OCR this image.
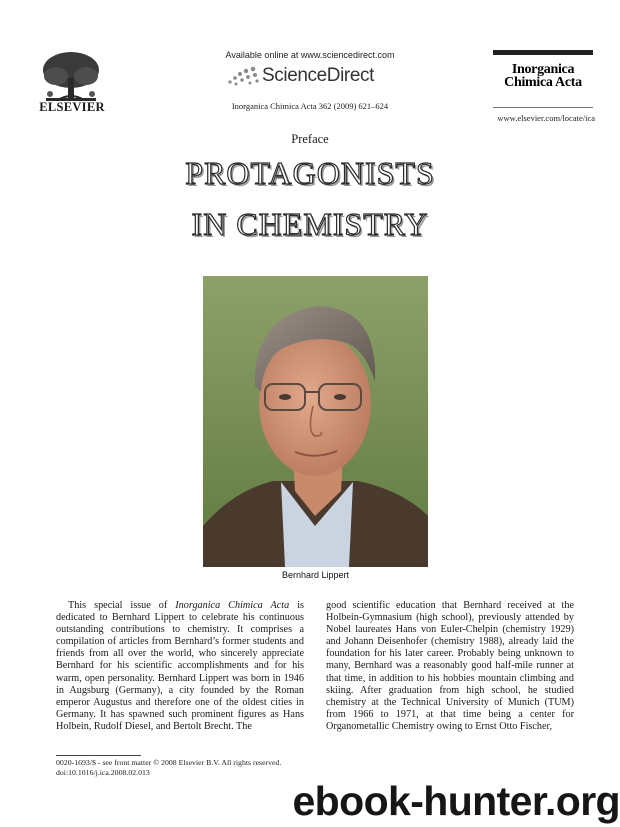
ELSEVIER
Available online at www.sciencedirect.com
ScienceDirect
Inorganica Chimica Acta 362 (2009) 621–624
Inorganica
Chimica Acta
www.elsevier.com/locate/ica
Preface
PROTAGONISTS
IN CHEMISTRY
Bernhard Lippert
This special issue of Inorganica Chimica Acta is dedicated to Bernhard Lippert to celebrate his continuous outstanding contributions to chemistry. It comprises a compilation of articles from Bernhard’s former students and friends from all over the world, who sincerely appreciate Bernhard for his scientific accomplishments and for his warm, open personality. Bernhard Lippert was born in 1946 in Augsburg (Germany), a city founded by the Roman emperor Augustus and therefore one of the oldest cities in Germany. It has spawned such prominent figures as Hans Holbein, Rudolf Diesel, and Bertolt Brecht. The
good scientific education that Bernhard received at the Holbein-Gymnasium (high school), previously attended by Nobel laureates Hans von Euler-Chelpin (chemistry 1929) and Johann Deisenhofer (chemistry 1988), already laid the foundation for his later career. Probably being unknown to many, Bernhard was a reasonably good half-mile runner at that time, in addition to his hobbies mountain climbing and skiing. After graduation from high school, he studied chemistry at the Technical University of Munich (TUM) from 1966 to 1971, at that time being a center for Organometallic Chemistry owing to Ernst Otto Fischer,
0020-1693/$ - see front matter © 2008 Elsevier B.V. All rights reserved.
doi:10.1016/j.ica.2008.02.013
ebook-hunter.org
